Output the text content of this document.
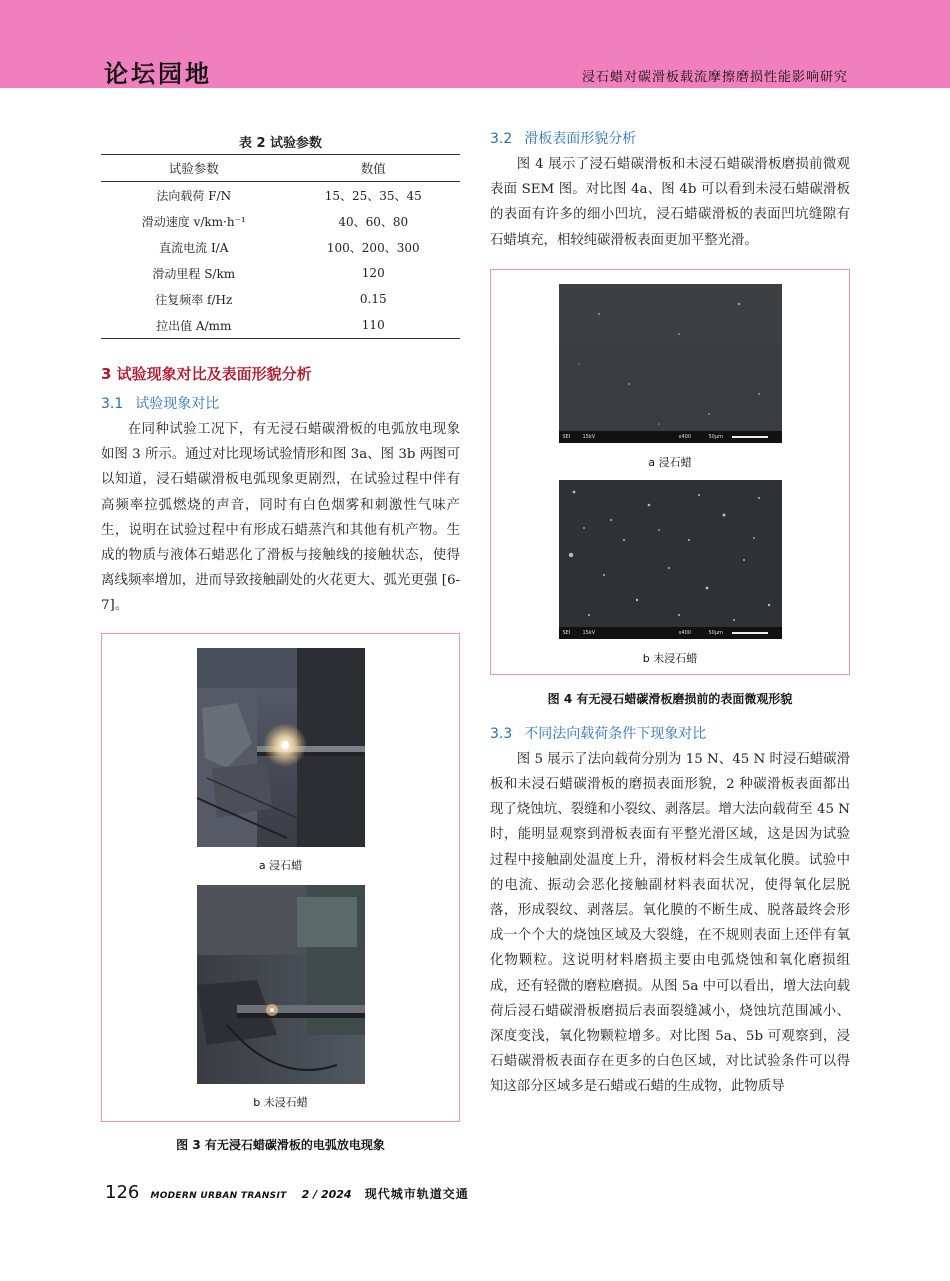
论坛园地	浸石蜡对碳滑板载流摩擦磨损性能影响研究
表 2 试验参数
试验参数	数值
法向载荷 F/N	15、25、35、45
滑动速度 v/km·h⁻¹	40、60、80
直流电流 I/A	100、200、300
滑动里程 S/km	120
往复频率 f/Hz	0.15
拉出值 A/mm	110
3 试验现象对比及表面形貌分析
3.1 试验现象对比

在同种试验工况下，有无浸石蜡碳滑板的电弧放电现象如图 3 所示。通过对比现场试验情形和图 3a、图 3b 两图可以知道，浸石蜡碳滑板电弧现象更剧烈，在试验过程中伴有高频率拉弧燃烧的声音，同时有白色烟雾和刺激性气味产生，说明在试验过程中有形成石蜡蒸汽和其他有机产物。生成的物质与液体石蜡恶化了滑板与接触线的接触状态，使得离线频率增加，进而导致接触副处的火花更大、弧光更强 [6-7]。

a 浸石蜡
b 未浸石蜡
图 3 有无浸石蜡碳滑板的电弧放电现象
3.2 滑板表面形貌分析

图 4 展示了浸石蜡碳滑板和未浸石蜡碳滑板磨损前微观表面 SEM 图。对比图 4a、图 4b 可以看到未浸石蜡碳滑板的表面有许多的细小凹坑，浸石蜡碳滑板的表面凹坑缝隙有石蜡填充，相较纯碳滑板表面更加平整光滑。

SEI 15kV	x400	50μm
a 浸石蜡
SEI 15kV	x400	50μm
b 未浸石蜡
图 4 有无浸石蜡碳滑板磨损前的表面微观形貌
3.3 不同法向载荷条件下现象对比

图 5 展示了法向载荷分别为 15 N、45 N 时浸石蜡碳滑板和未浸石蜡碳滑板的磨损表面形貌，2 种碳滑板表面都出现了烧蚀坑、裂缝和小裂纹、剥落层。增大法向载荷至 45 N 时，能明显观察到滑板表面有平整光滑区域，这是因为试验过程中接触副处温度上升，滑板材料会生成氧化膜。试验中的电流、振动会恶化接触副材料表面状况，使得氧化层脱落，形成裂纹、剥落层。氧化膜的不断生成、脱落最终会形成一个个大的烧蚀区域及大裂缝，在不规则表面上还伴有氧化物颗粒。这说明材料磨损主要由电弧烧蚀和氧化磨损组成，还有轻微的磨粒磨损。从图 5a 中可以看出，增大法向载荷后浸石蜡碳滑板磨损后表面裂缝减小，烧蚀坑范围减小、深度变浅，氧化物颗粒增多。对比图 5a、5b 可观察到，浸石蜡碳滑板表面存在更多的白色区域，对比试验条件可以得知这部分区域多是石蜡或石蜡的生成物，此物质导

126 MODERN URBAN TRANSIT 2 / 2024 现代城市轨道交通
